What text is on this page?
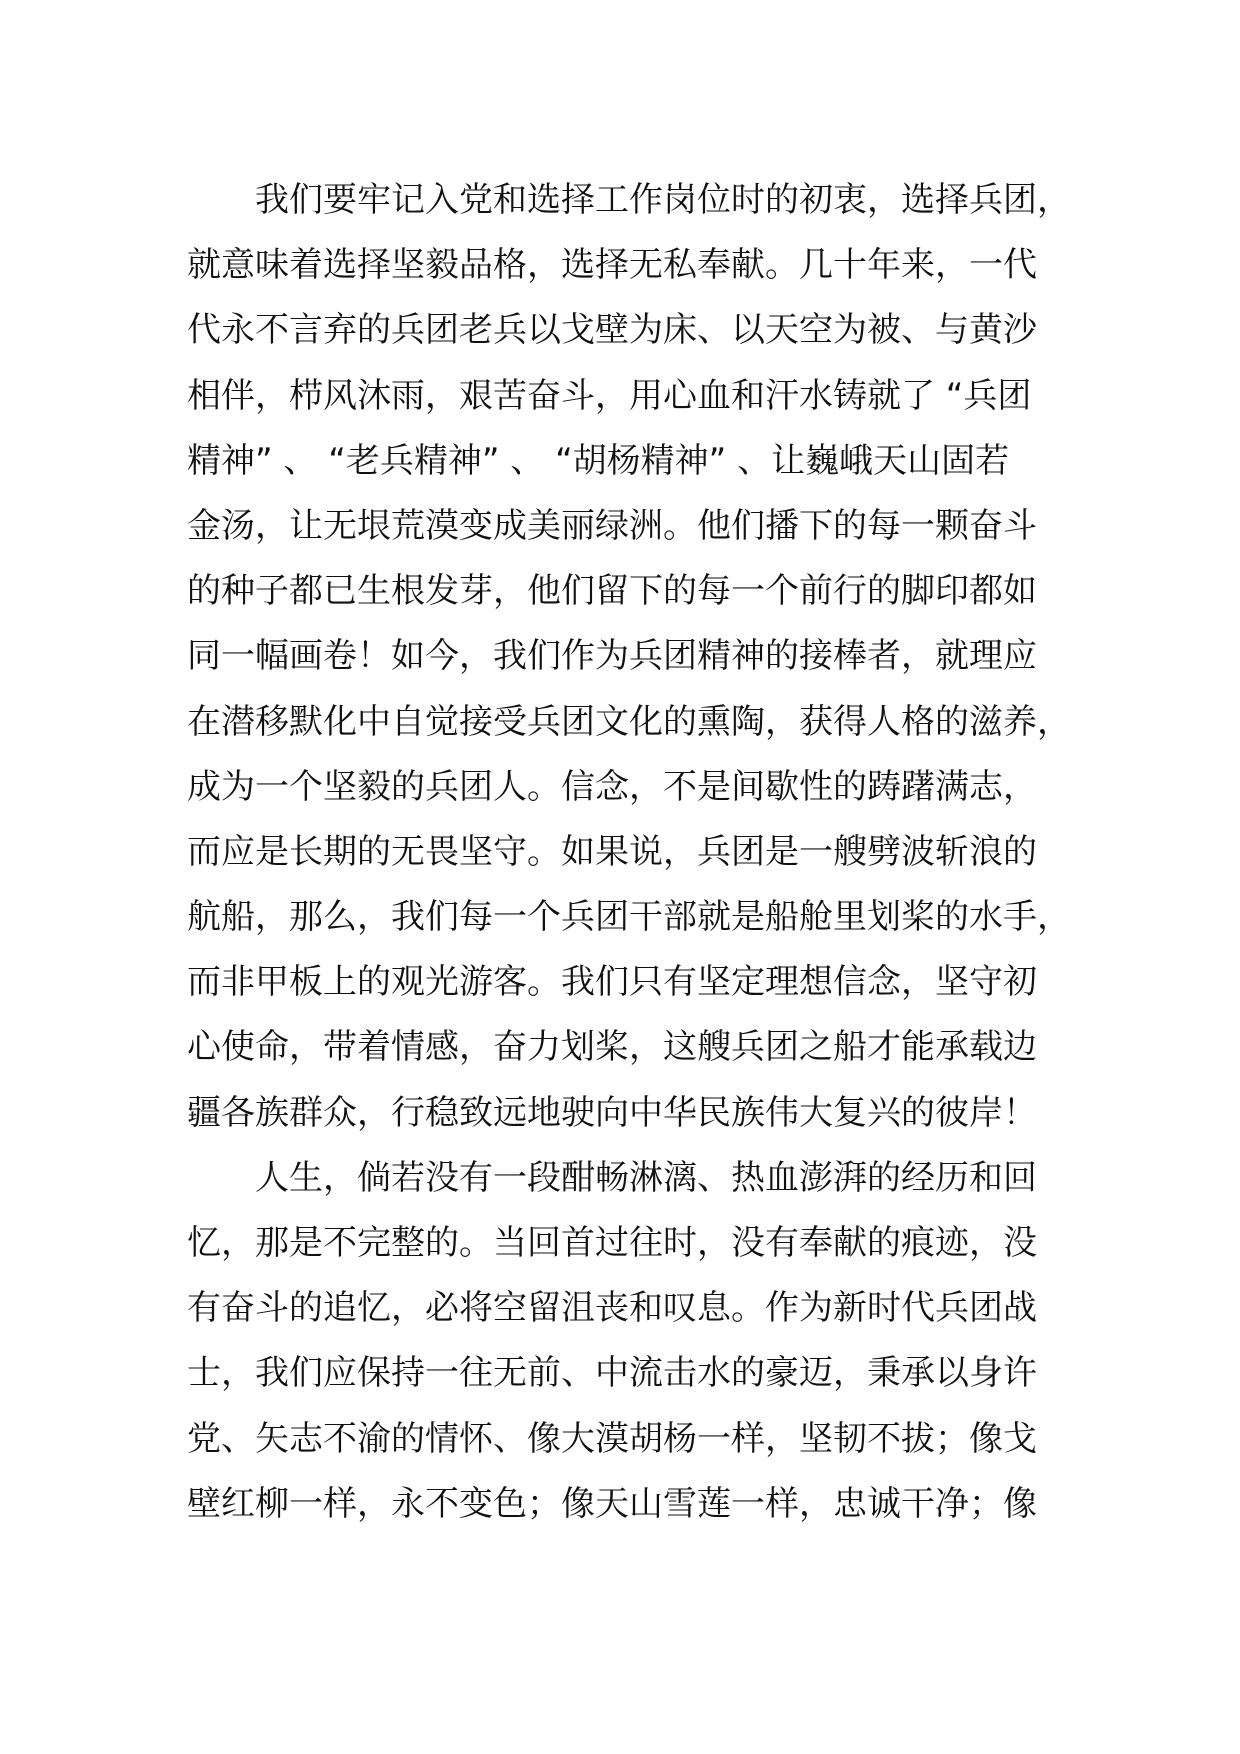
我们要牢记入党和选择工作岗位时的初衷，选择兵团，
就意味着选择坚毅品格，选择无私奉献。几十年来，一代
代永不言弃的兵团老兵以戈壁为床、以天空为被、与黄沙
相伴，栉风沐雨，艰苦奋斗，用心血和汗水铸就了 “兵团
精神” 、 “老兵精神” 、 “胡杨精神” 、让巍峨天山固若
金汤，让无垠荒漠变成美丽绿洲。他们播下的每一颗奋斗
的种子都已生根发芽，他们留下的每一个前行的脚印都如
同一幅画卷！如今，我们作为兵团精神的接棒者，就理应
在潜移默化中自觉接受兵团文化的熏陶，获得人格的滋养，
成为一个坚毅的兵团人。信念，不是间歇性的踌躇满志，
而应是长期的无畏坚守。如果说，兵团是一艘劈波斩浪的
航船，那么，我们每一个兵团干部就是船舱里划桨的水手，
而非甲板上的观光游客。我们只有坚定理想信念，坚守初
心使命，带着情感，奋力划桨，这艘兵团之船才能承载边
疆各族群众，行稳致远地驶向中华民族伟大复兴的彼岸！
人生，倘若没有一段酣畅淋漓、热血澎湃的经历和回
忆，那是不完整的。当回首过往时，没有奉献的痕迹，没
有奋斗的追忆，必将空留沮丧和叹息。作为新时代兵团战
士，我们应保持一往无前、中流击水的豪迈，秉承以身许
党、矢志不渝的情怀、像大漠胡杨一样，坚韧不拔；像戈
壁红柳一样，永不变色；像天山雪莲一样，忠诚干净；像
